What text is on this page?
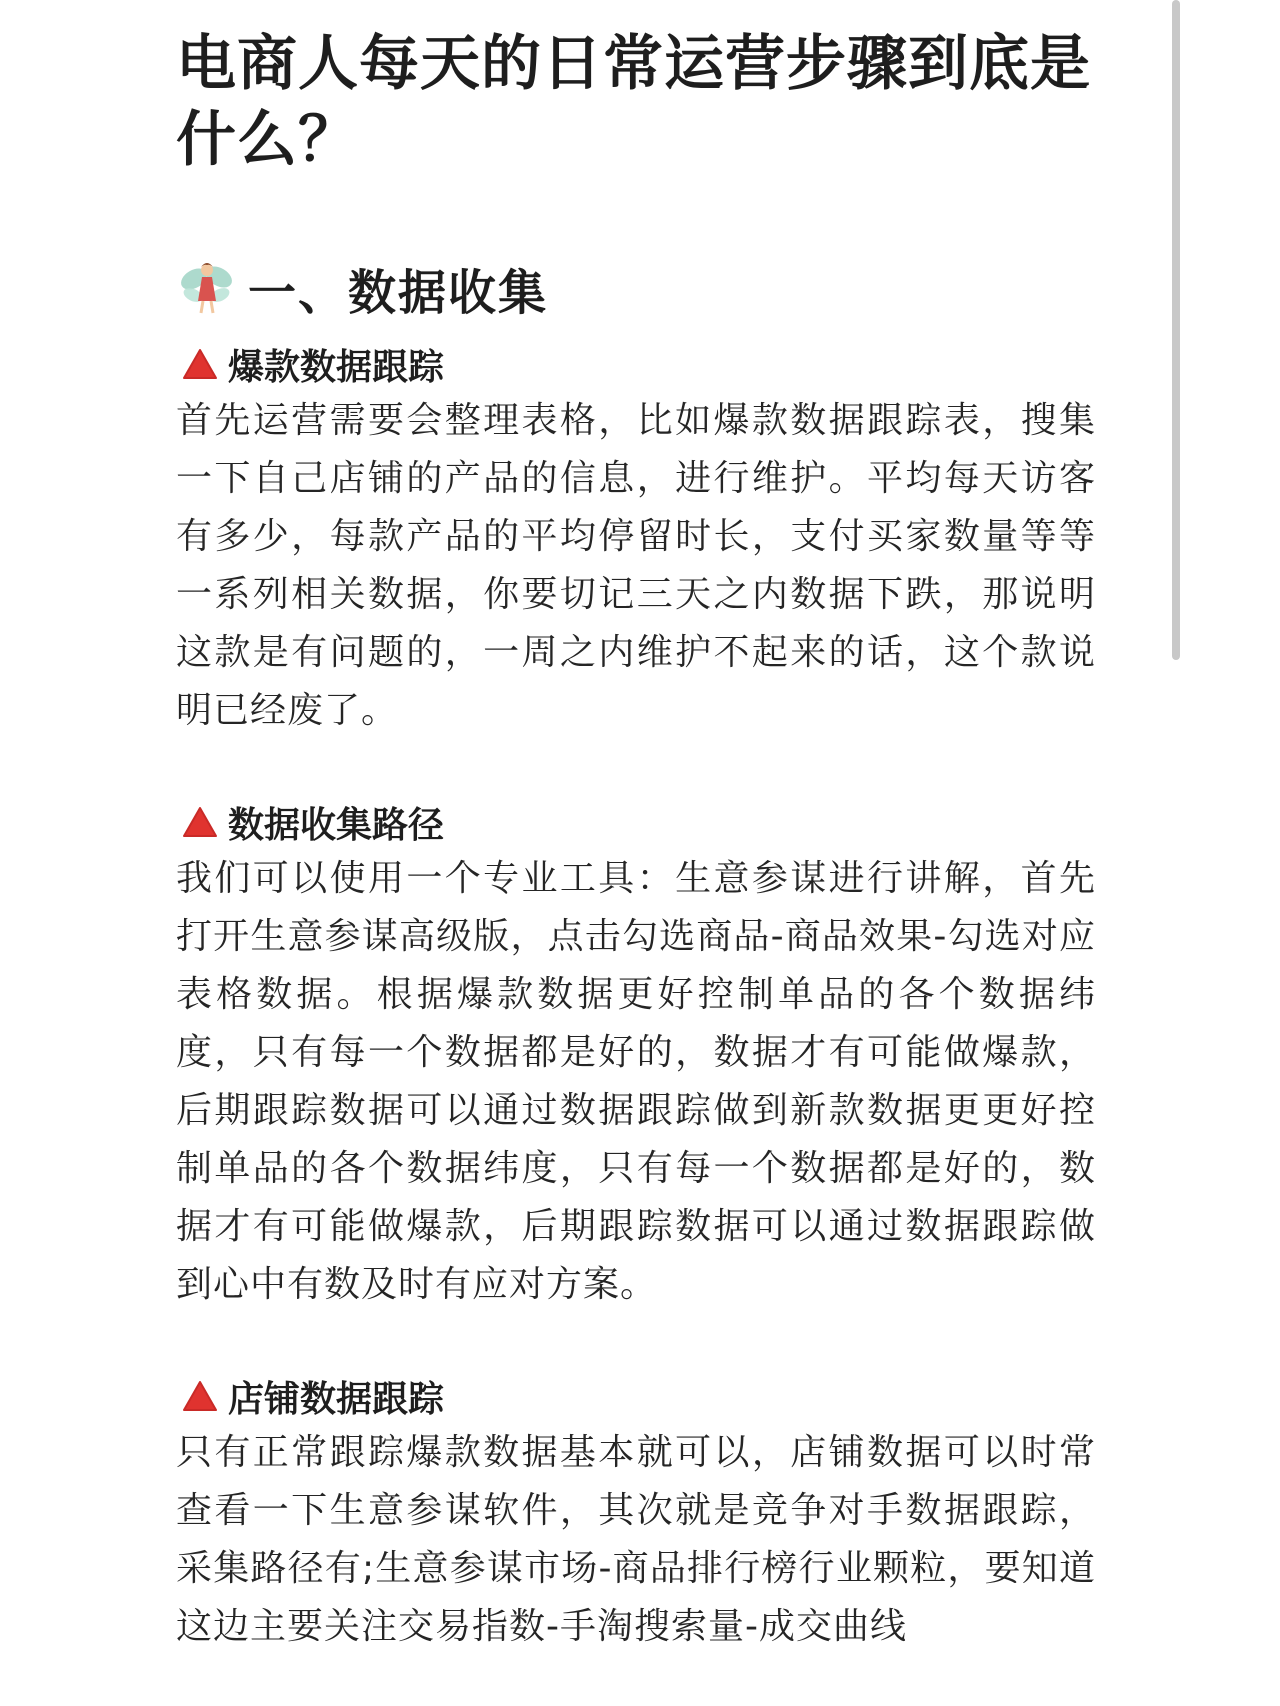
电商人每天的日常运营步骤到底是什么？
一、数据收集
爆款数据跟踪

首先运营需要会整理表格，比如爆款数据跟踪表，搜集一下自己店铺的产品的信息，进行维护。平均每天访客有多少，每款产品的平均停留时长，支付买家数量等等一系列相关数据，你要切记三天之内数据下跌，那说明这款是有问题的，一周之内维护不起来的话，这个款说明已经废了。

数据收集路径

我们可以使用一个专业工具：生意参谋进行讲解，首先打开生意参谋高级版，点击勾选商品-商品效果-勾选对应表格数据。根据爆款数据更好控制单品的各个数据纬度，只有每一个数据都是好的，数据才有可能做爆款，后期跟踪数据可以通过数据跟踪做到新款数据更更好控制单品的各个数据纬度，只有每一个数据都是好的，数据才有可能做爆款，后期跟踪数据可以通过数据跟踪做到心中有数及时有应对方案。

店铺数据跟踪

只有正常跟踪爆款数据基本就可以，店铺数据可以时常查看一下生意参谋软件，其次就是竞争对手数据跟踪，采集路径有;生意参谋市场-商品排行榜行业颗粒，要知道这边主要关注交易指数-手淘搜索量-成交曲线
